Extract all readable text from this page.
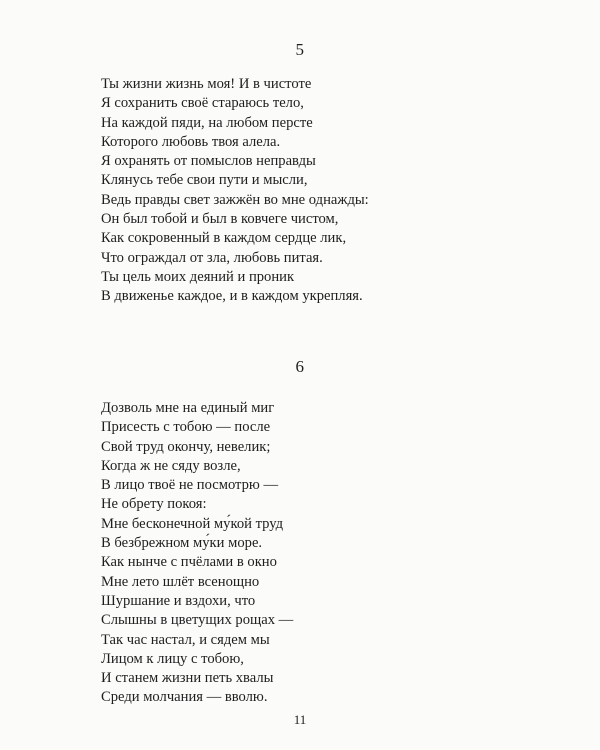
5
Ты жизни жизнь моя! И в чистоте
Я сохранить своё стараюсь тело,
На каждой пяди, на любом персте
Которого любовь твоя алела.
Я охранять от помыслов неправды
Клянусь тебе свои пути и мысли,
Ведь правды свет зажжён во мне однажды:
Он был тобой и был в ковчеге чистом,
Как сокровенный в каждом сердце лик,
Что ограждал от зла, любовь питая.
Ты цель моих деяний и проник
В движенье каждое, и в каждом укрепляя.
6
Дозволь мне на единый миг
Присесть с тобою — после
Свой труд окончу, невелик;
Когда ж не сяду возле,
В лицо твоё не посмотрю —
Не обрету покоя:
Мне бесконечной му́кой труд
В безбрежном му́ки море.
Как нынче с пчёлами в окно
Мне лето шлёт всенощно
Шуршание и вздохи, что
Слышны в цветущих рощах —
Так час настал, и сядем мы
Лицом к лицу с тобою,
И станем жизни петь хвалы
Среди молчания — вволю.
11
